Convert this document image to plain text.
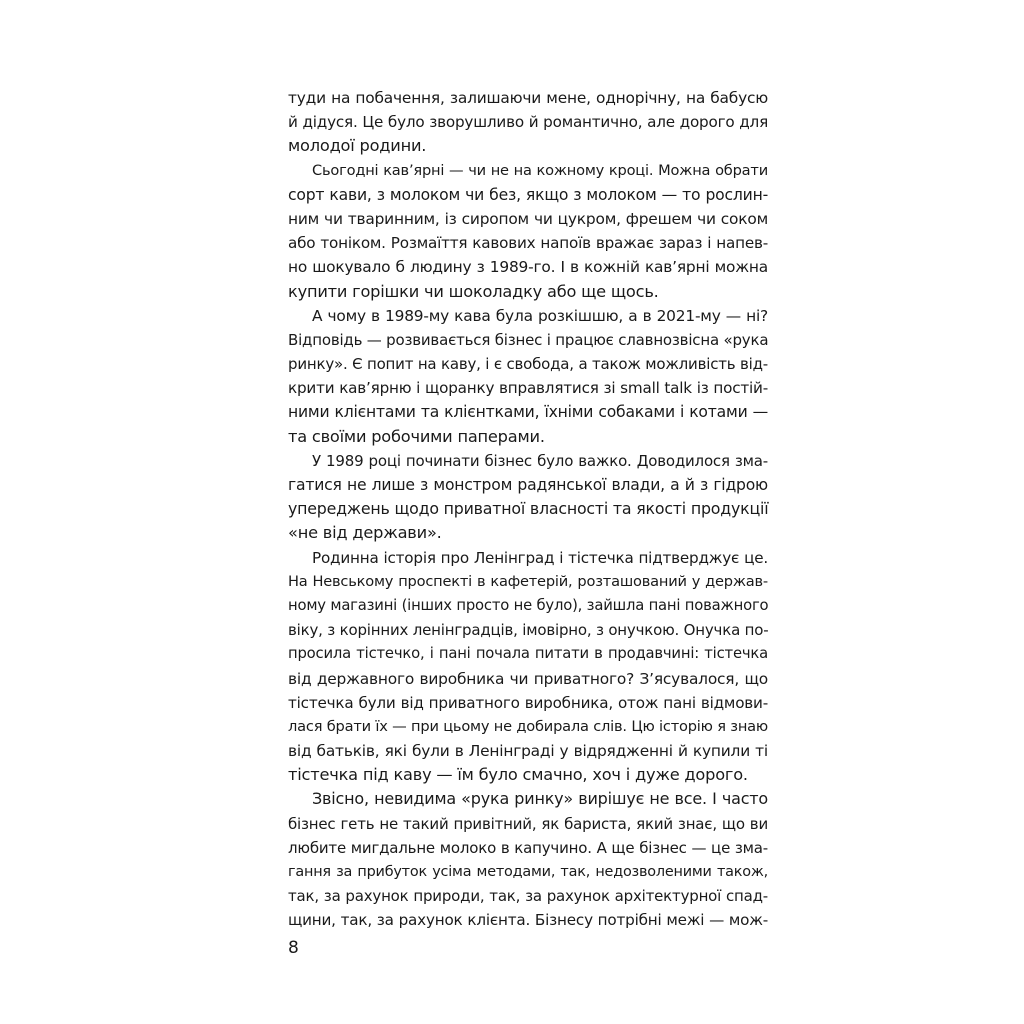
туди на побачення, залишаючи мене, однорічну, на бабусю
й дідуся. Це було зворушливо й романтично, але дорого для
молодої родини.
Сьогодні кав’ярні — чи не на кожному кроці. Можна обрати
сорт кави, з молоком чи без, якщо з молоком — то рослин-
ним чи тваринним, із сиропом чи цукром, фрешем чи соком
або тоніком. Розмаїття кавових напоїв вражає зараз і напев-
но шокувало б людину з 1989-го. І в кожній кав’ярні можна
купити горішки чи шоколадку або ще щось.
А чому в 1989-му кава була розкішшю, а в 2021-му — ні?
Відповідь — розвивається бізнес і працює славнозвісна «рука
ринку». Є попит на каву, і є свобода, а також можливість від-
крити кав’ярню і щоранку вправлятися зі small talk із постій-
ними клієнтами та клієнтками, їхніми собаками і котами —
та своїми робочими паперами.
У 1989 році починати бізнес було важко. Доводилося зма-
гатися не лише з монстром радянської влади, а й з гідрою
упереджень щодо приватної власності та якості продукції
«не від держави».
Родинна історія про Ленінград і тістечка підтверджує це.
На Невському проспекті в кафетерій, розташований у держав-
ному магазині (інших просто не було), зайшла пані поважного
віку, з корінних ленінградців, імовірно, з онучкою. Онучка по-
просила тістечко, і пані почала питати в продавчині: тістечка
від державного виробника чи приватного? З’ясувалося, що
тістечка були від приватного виробника, отож пані відмови-
лася брати їх — при цьому не добирала слів. Цю історію я знаю
від батьків, які були в Ленінграді у відрядженні й купили ті
тістечка під каву — їм було смачно, хоч і дуже дорого.
Звісно, невидима «рука ринку» вирішує не все. І часто
бізнес геть не такий привітний, як бариста, який знає, що ви
любите мигдальне молоко в капучино. А ще бізнес — це зма-
гання за прибуток усіма методами, так, недозволеними також,
так, за рахунок природи, так, за рахунок архітектурної спад-
щини, так, за рахунок клієнта. Бізнесу потрібні межі — мож-
8
